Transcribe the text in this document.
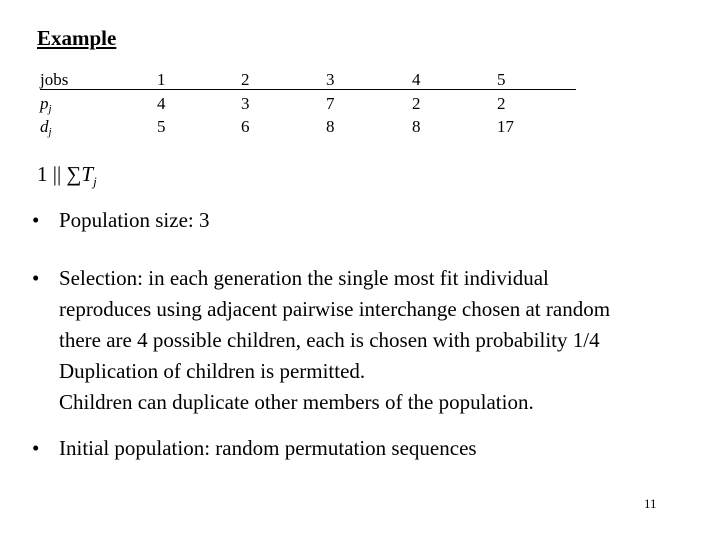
Example
jobs	1	2	3	4	5
$p_j$	4	3	7	2	2
$d_j$	5	6	8	8	17
1 || $\sum T_j$
• Population size: 3
• Selection: in each generation the single most fit individual
reproduces using adjacent pairwise interchange chosen at random
there are 4 possible children, each is chosen with probability 1/4
Duplication of children is permitted.
Children can duplicate other members of the population.
• Initial population: random permutation sequences
11
